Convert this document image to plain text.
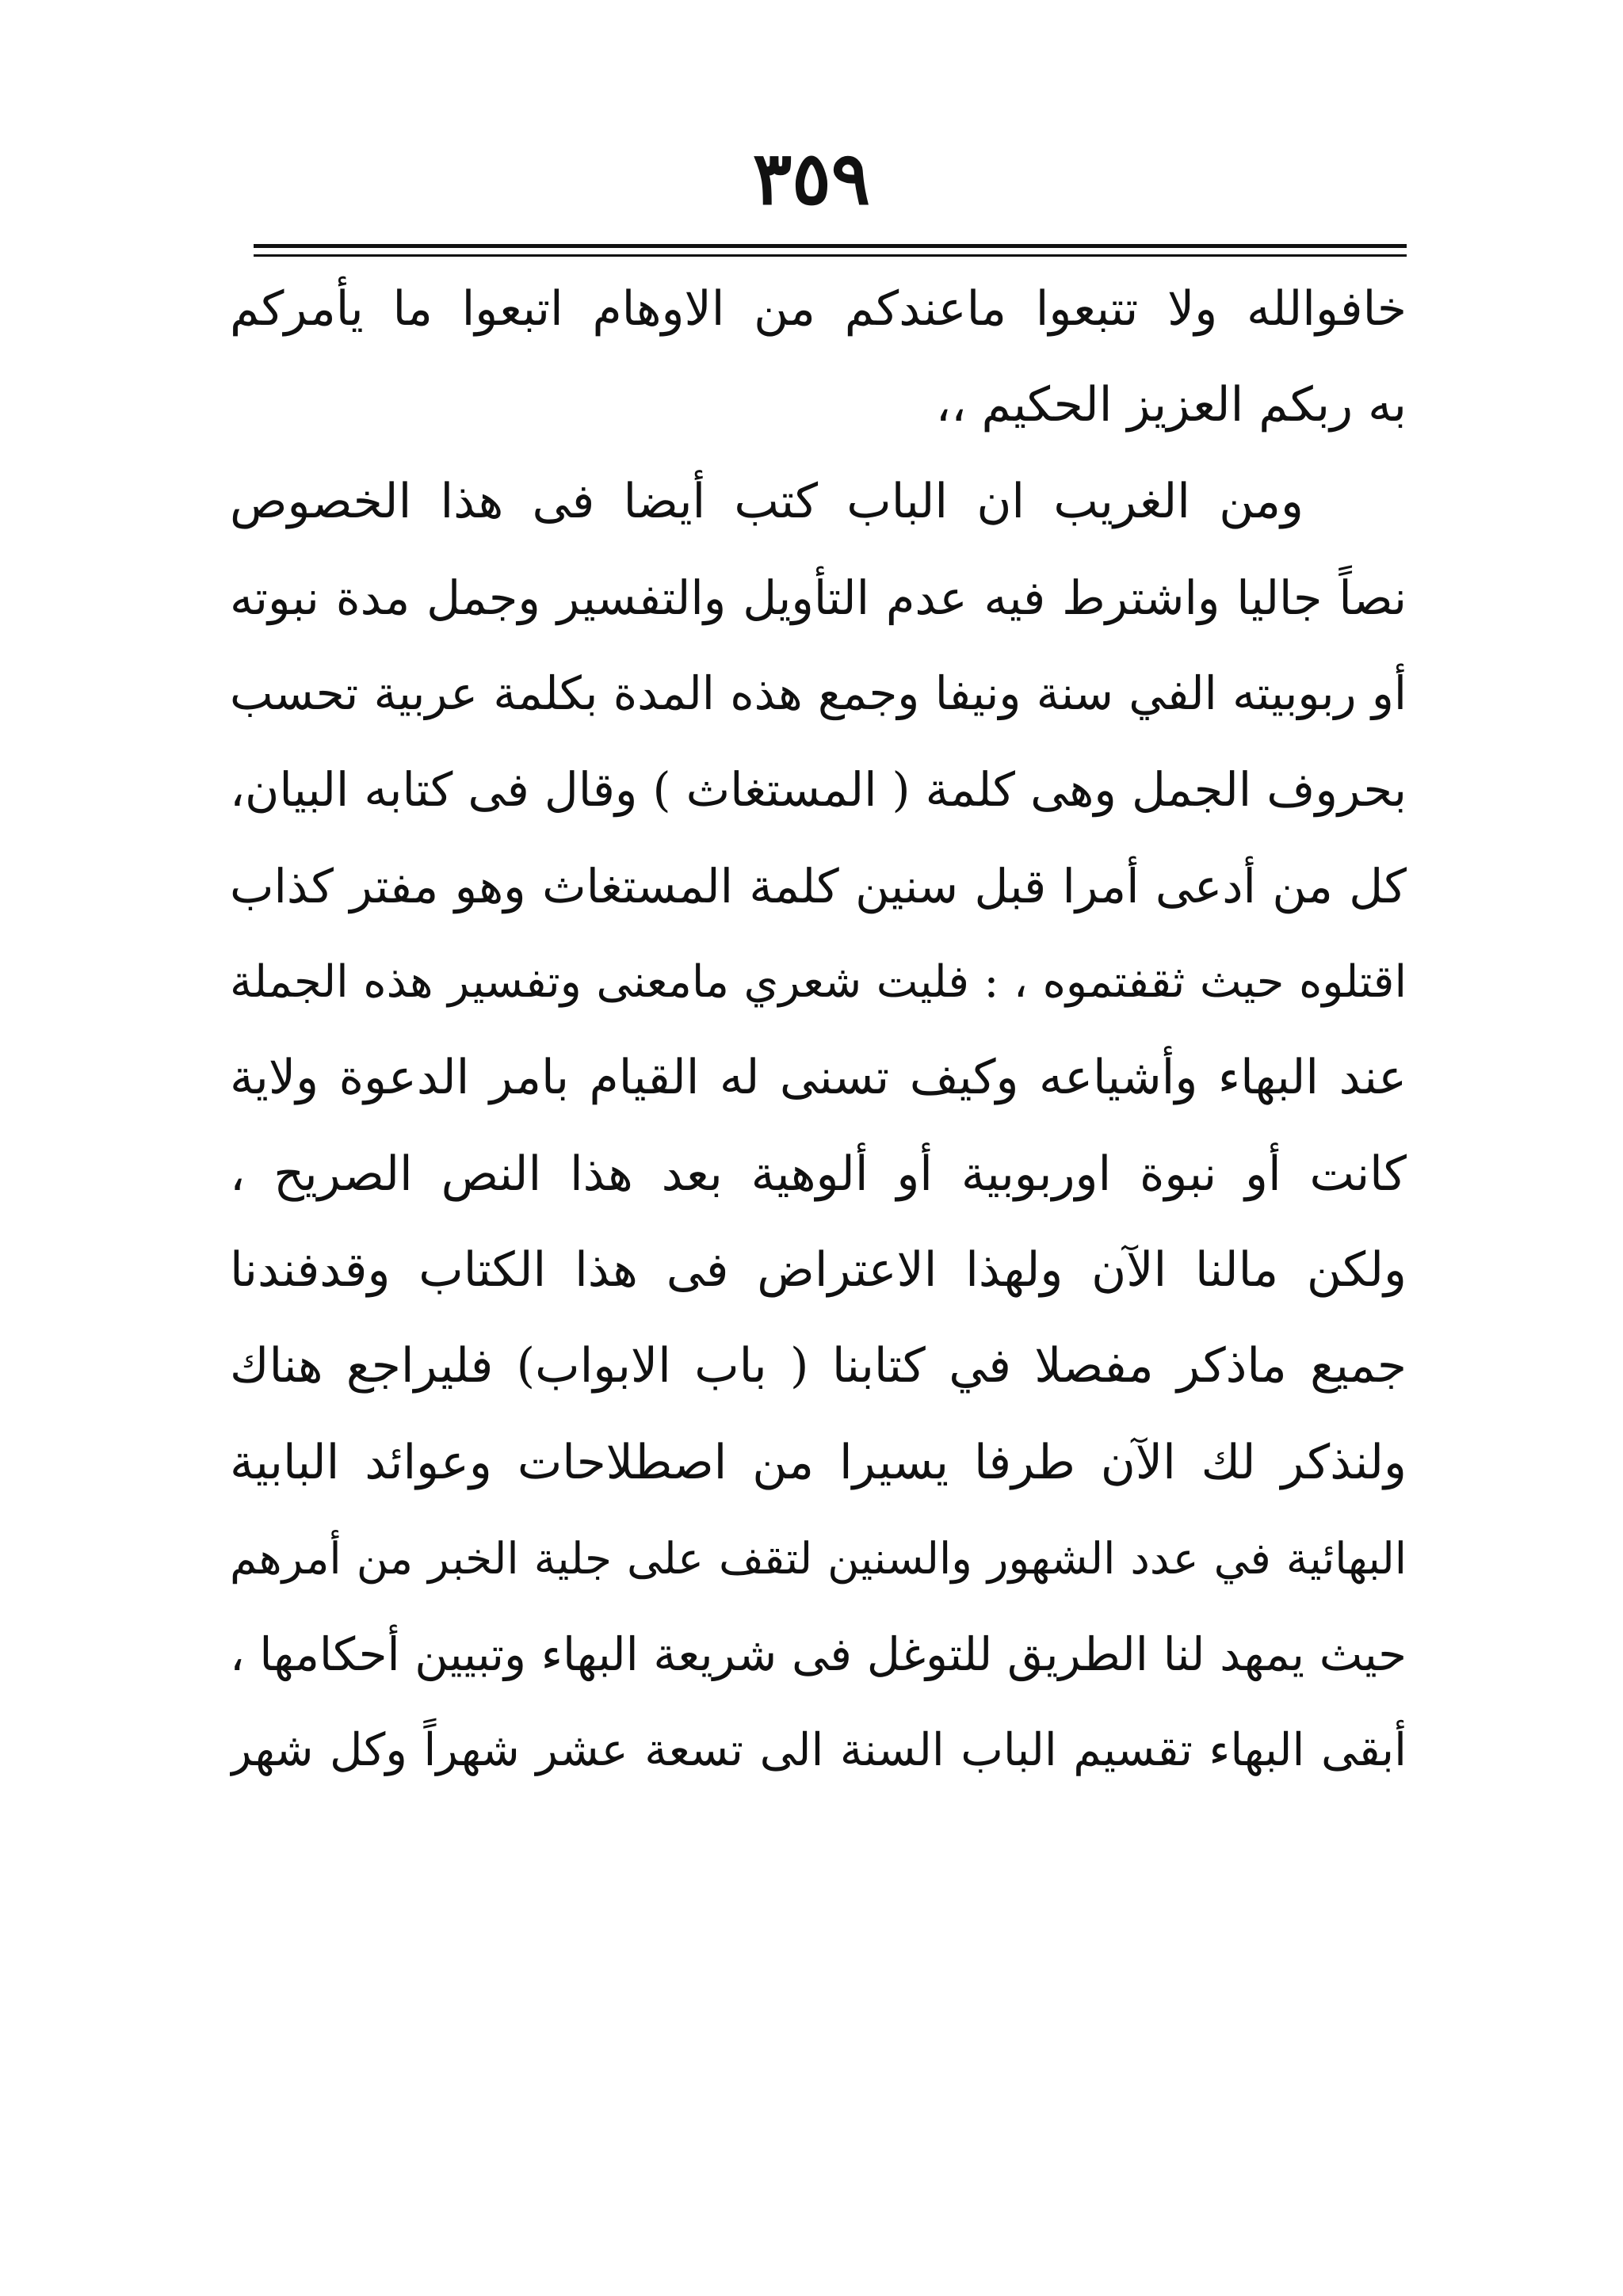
٣٥٩
خافوالله ولا تتبعوا ماعندكم من الاوهام اتبعوا ما يأمركم
به ربكم العزيز الحكيم ،،
ومن الغريب ان الباب كتب أيضا فى هذا الخصوص
نصاً جاليا واشترط فيه عدم التأويل والتفسير وجمل مدة نبوته
أو ربوبيته الفي سنة ونيفا وجمع هذه المدة بكلمة عربية تحسب
بحروف الجمل وهى كلمة ( المستغاث ) وقال فى كتابه البيان،
كل من أدعى أمرا قبل سنين كلمة المستغاث وهو مفتر كذاب
اقتلوه حيث ثقفتموه ، : فليت شعري مامعنى وتفسير هذه الجملة
عند البهاء وأشياعه وكيف تسنى له القيام بامر الدعوة ولاية
كانت أو نبوة اوربوبية أو ألوهية بعد هذا النص الصريح ،
ولكن مالنا الآن ولهذا الاعتراض فى هذا الكتاب وقدفندنا
جميع ماذكر مفصلا في كتابنا ( باب الابواب) فليراجع هناك
ولنذكر لك الآن طرفا يسيرا من اصطلاحات وعوائد البابية
البهائية في عدد الشهور والسنين لتقف على جلية الخبر من أمرهم
حيث يمهد لنا الطريق للتوغل فى شريعة البهاء وتبيين أحكامها ،
أبقى البهاء تقسيم الباب السنة الى تسعة عشر شهراً وكل شهر
